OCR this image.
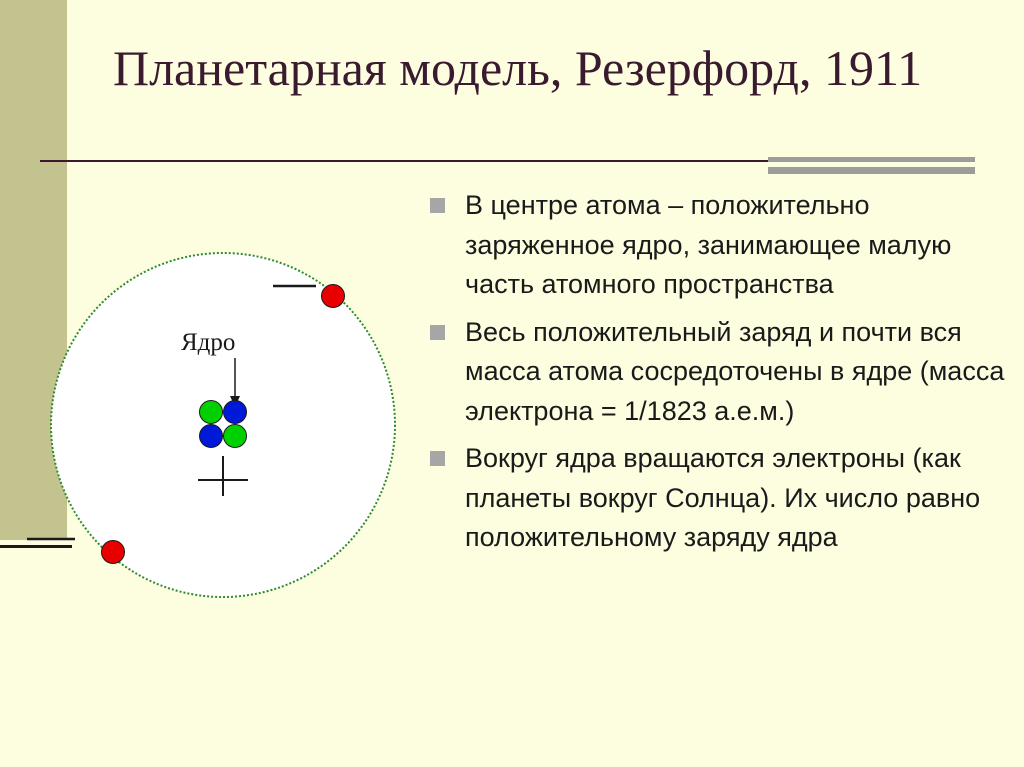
Планетарная модель, Резерфорд, 1911
Ядро
В центре атома – положительно заряженное ядро, занимающее малую часть атомного пространства
Весь положительный заряд и почти вся масса атома сосредоточены в ядре (масса электрона = 1/1823 а.е.м.)
Вокруг ядра вращаются электроны (как планеты вокруг Солнца). Их число равно положительному заряду ядра
